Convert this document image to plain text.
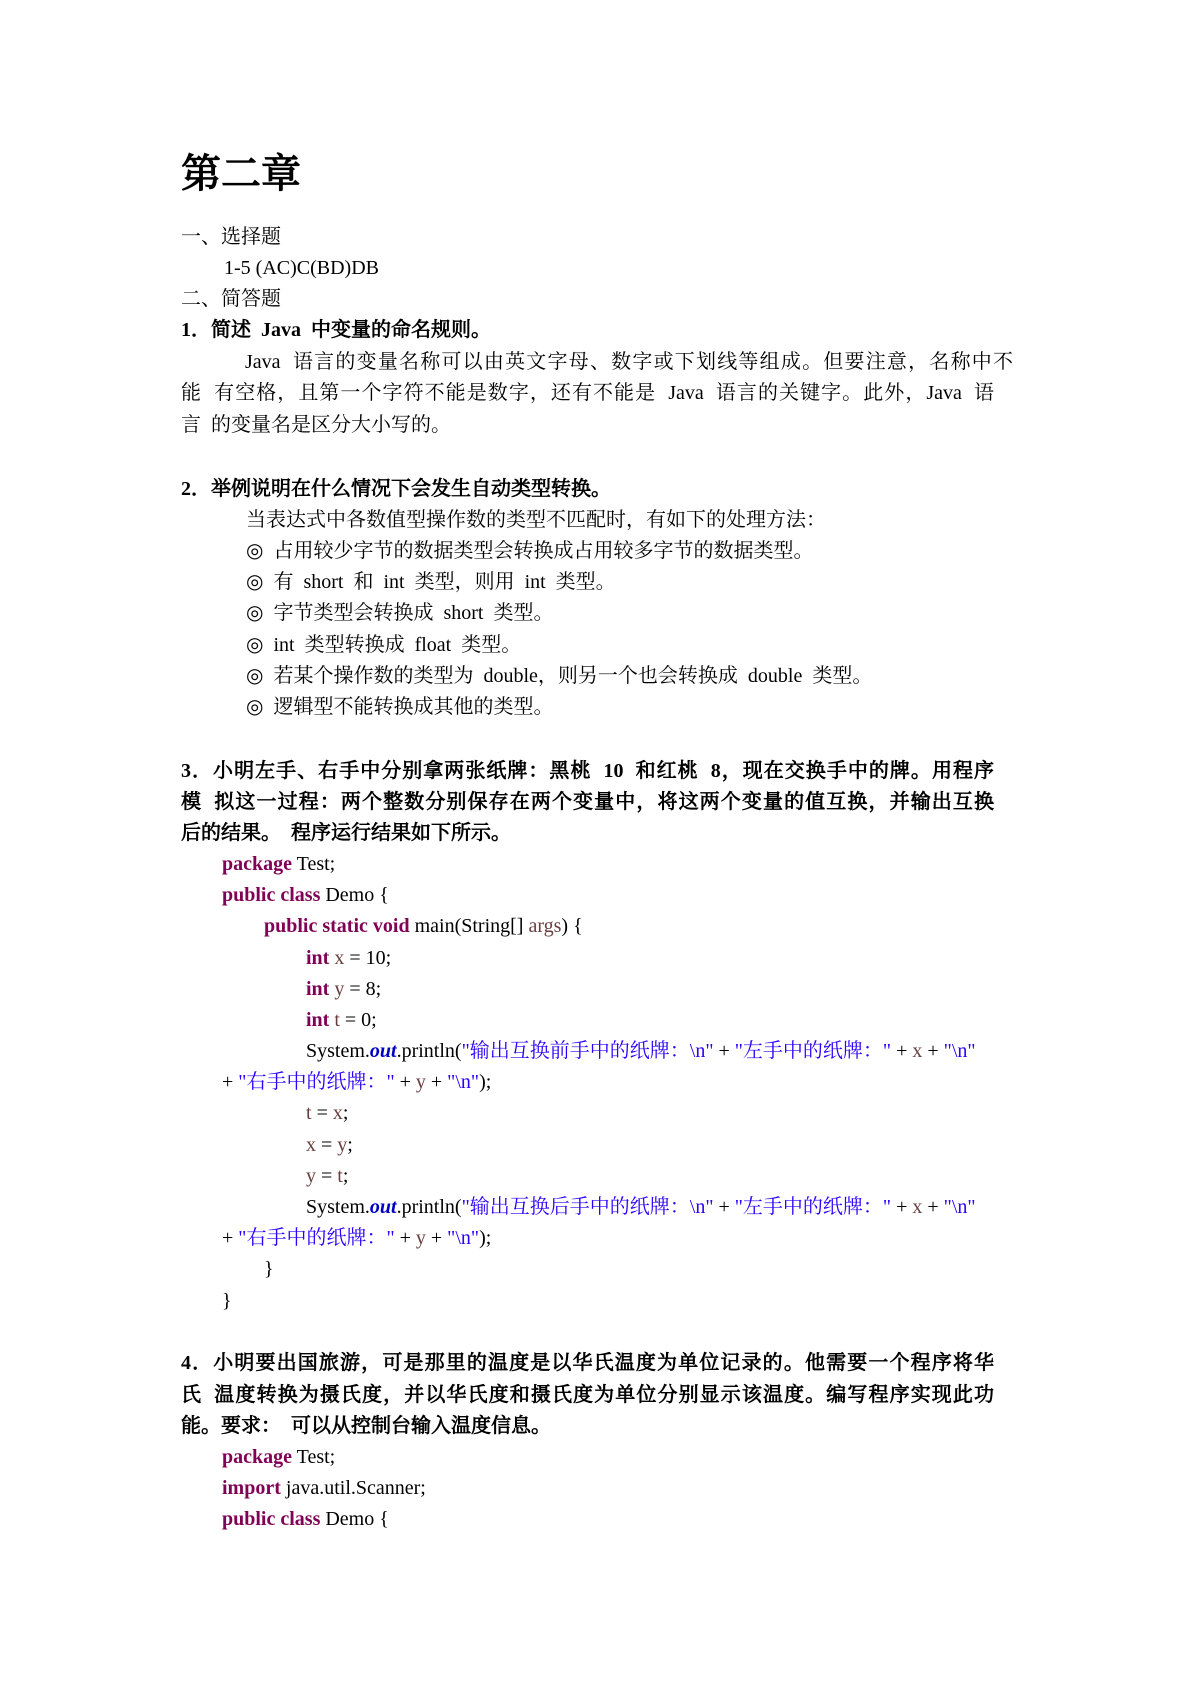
第二章
一、选择题
1-5 (AC)C(BD)DB
二、简答题
1．简述  Java  中变量的命名规则。
Java  语言的变量名称可以由英文字母、数字或下划线等组成。但要注意，名称中不
能  有空格，且第一个字符不能是数字，还有不能是  Java  语言的关键字。此外，Java  语
言  的变量名是区分大小写的。
2．举例说明在什么情况下会发生自动类型转换。
当表达式中各数值型操作数的类型不匹配时，有如下的处理方法：
◎ 占用较少字节的数据类型会转换成占用较多字节的数据类型。
◎ 有  short  和  int  类型，则用  int  类型。
◎ 字节类型会转换成  short  类型。
◎ int  类型转换成  float  类型。
◎ 若某个操作数的类型为  double，则另一个也会转换成  double  类型。
◎ 逻辑型不能转换成其他的类型。
3．小明左手、右手中分别拿两张纸牌：黑桃  10  和红桃  8，现在交换手中的牌。用程序
模  拟这一过程：两个整数分别保存在两个变量中，将这两个变量的值互换，并输出互换
后的结果。  程序运行结果如下所示。
package Test;
public class Demo {
public static void main(String[] args) {
int x = 10;
int y = 8;
int t = 0;
System.out.println("输出互换前手中的纸牌：\n" + "左手中的纸牌：" + x + "\n"
+ "右手中的纸牌：" + y + "\n");
t = x;
x = y;
y = t;
System.out.println("输出互换后手中的纸牌：\n" + "左手中的纸牌：" + x + "\n"
+ "右手中的纸牌：" + y + "\n");
}
}
4．小明要出国旅游，可是那里的温度是以华氏温度为单位记录的。他需要一个程序将华
氏  温度转换为摄氏度，并以华氏度和摄氏度为单位分别显示该温度。编写程序实现此功
能。要求：  可以从控制台输入温度信息。
package Test;
import java.util.Scanner;
public class Demo {
